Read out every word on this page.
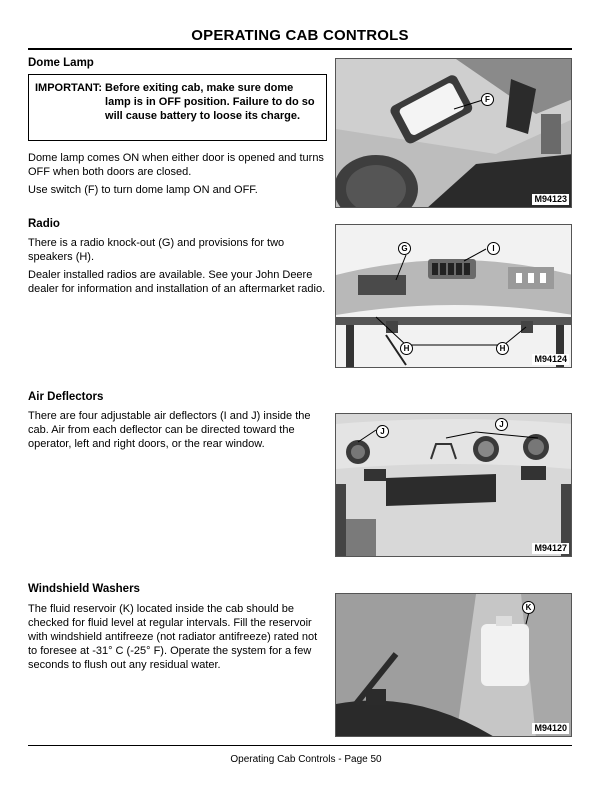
OPERATING CAB CONTROLS
Dome Lamp
IMPORTANT: Before exiting cab, make sure dome lamp is in OFF position. Failure to do so will cause battery to loose its charge.
Dome lamp comes ON when either door is opened and turns OFF when both doors are closed.
Use switch (F) to turn dome lamp ON and OFF.
F
M94123
Radio
There is a radio knock-out (G) and provisions for two speakers (H).
Dealer installed radios are available. See your John Deere dealer for information and installation of an aftermarket radio.
G	I
H	H
M94124
Air Deflectors
There are four adjustable air deflectors (I and J) inside the cab. Air from each deflector can be directed toward the operator, left and right doors, or the rear window.
J
J
M94127
Windshield Washers
The fluid reservoir (K) located inside the cab should be checked for fluid level at regular intervals. Fill the reservoir with windshield antifreeze (not radiator antifreeze) rated not to foresee at -31° C (-25° F). Operate the system for a few seconds to flush out any residual water.
K
M94120
Operating Cab Controls - Page 50
